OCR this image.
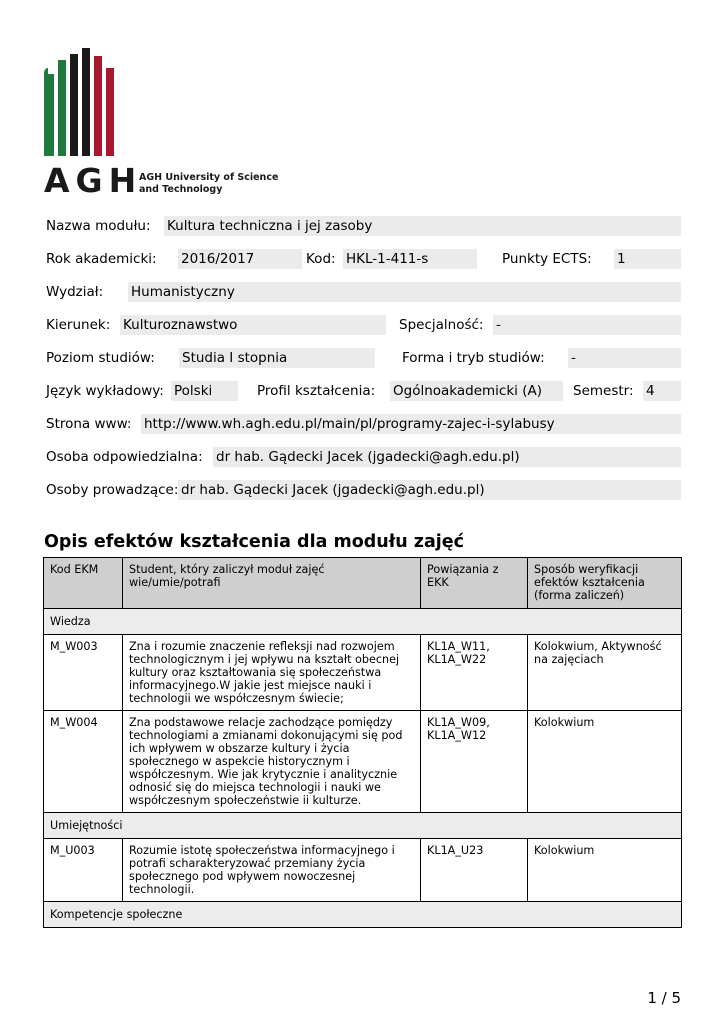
AGH
AGH University of Science
and Technology
Nazwa modułu: Kultura techniczna i jej zasoby
Rok akademicki: 2016/2017	Kod: HKL-1-411-s	Punkty ECTS: 1
Wydział: Humanistyczny
Kierunek: Kulturoznawstwo	Specjalność: -
Poziom studiów: Studia I stopnia	Forma i tryb studiów: -
Język wykładowy: Polski	Profil kształcenia: Ogólnoakademicki (A)	Semestr: 4
Strona www: http://www.wh.agh.edu.pl/main/pl/programy-zajec-i-sylabusy
Osoba odpowiedzialna: dr hab. Gądecki Jacek (jgadecki@agh.edu.pl)
Osoby prowadzące: dr hab. Gądecki Jacek (jgadecki@agh.edu.pl)
Opis efektów kształcenia dla modułu zajęć
Kod EKM	Student, który zaliczył moduł zajęć wie/umie/potrafi	Powiązania z EKK	Sposób weryfikacji efektów kształcenia (forma zaliczeń)
Wiedza			
M_W003	Zna i rozumie znaczenie refleksji nad rozwojem technologicznym i jej wpływu na kształt obecnej kultury oraz kształtowania się społeczeństwa informacyjnego.W jakie jest miejsce nauki i technologii we współczesnym świecie;	KL1A_W11, KL1A_W22	Kolokwium, Aktywność na zajęciach
M_W004	Zna podstawowe relacje zachodzące pomiędzy technologiami a zmianami dokonującymi się pod ich wpływem w obszarze kultury i życia społecznego w aspekcie historycznym i współczesnym. Wie jak krytycznie i analitycznie odnosić się do miejsca technologii i nauki we współczesnym społeczeństwie ii kulturze.	KL1A_W09, KL1A_W12	Kolokwium
Umiejętności			
M_U003	Rozumie istotę społeczeństwa informacyjnego i potrafi scharakteryzować przemiany życia społecznego pod wpływem nowoczesnej technologii.	KL1A_U23	Kolokwium
Kompetencje społeczne			
1 / 5
